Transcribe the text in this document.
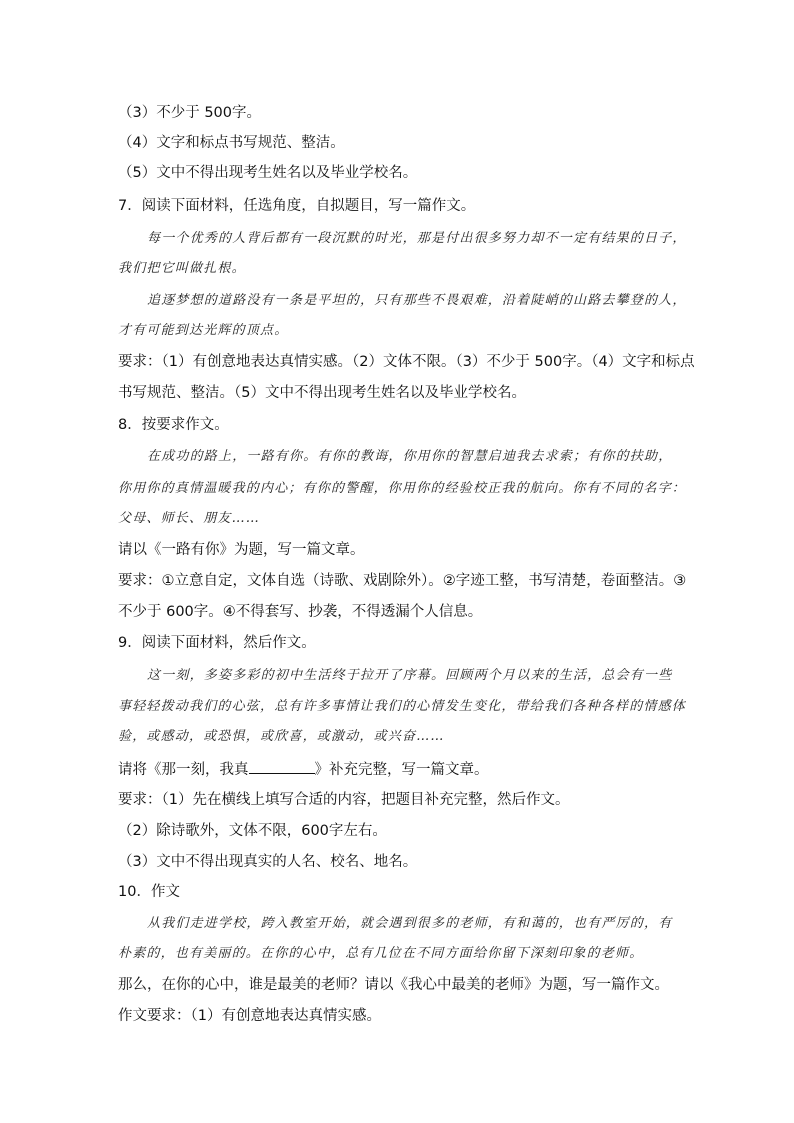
（3）不少于 500字。
（4）文字和标点书写规范、整洁。
（5）文中不得出现考生姓名以及毕业学校名。
7．阅读下面材料，任选角度，自拟题目，写一篇作文。
每一个优秀的人背后都有一段沉默的时光，那是付出很多努力却不一定有结果的日子，
我们把它叫做扎根。
追逐梦想的道路没有一条是平坦的，只有那些不畏艰难，沿着陡峭的山路去攀登的人，
才有可能到达光辉的顶点。
要求：（1）有创意地表达真情实感。（2）文体不限。（3）不少于 500字。（4）文字和标点
书写规范、整洁。（5）文中不得出现考生姓名以及毕业学校名。
8．按要求作文。
在成功的路上，一路有你。有你的教诲，你用你的智慧启迪我去求索；有你的扶助，
你用你的真情温暖我的内心；有你的警醒，你用你的经验校正我的航向。你有不同的名字：
父母、师长、朋友……
请以《一路有你》为题，写一篇文章。
要求：①立意自定，文体自选（诗歌、戏剧除外）。②字迹工整，书写清楚，卷面整洁。③
不少于 600字。④不得套写、抄袭，不得透漏个人信息。
9．阅读下面材料，然后作文。
这一刻，多姿多彩的初中生活终于拉开了序幕。回顾两个月以来的生活，总会有一些
事轻轻拨动我们的心弦，总有许多事情让我们的心情发生变化，带给我们各种各样的情感体
验，或感动，或恐惧，或欣喜，或激动，或兴奋……
请将《那一刻，我真	》补充完整，写一篇文章。
要求：（1）先在横线上填写合适的内容，把题目补充完整，然后作文。
（2）除诗歌外，文体不限，600字左右。
（3）文中不得出现真实的人名、校名、地名。
10．作文
从我们走进学校，跨入教室开始，就会遇到很多的老师，有和蔼的，也有严厉的，有
朴素的，也有美丽的。在你的心中，总有几位在不同方面给你留下深刻印象的老师。
那么，在你的心中，谁是最美的老师？请以《我心中最美的老师》为题，写一篇作文。
作文要求：（1）有创意地表达真情实感。
